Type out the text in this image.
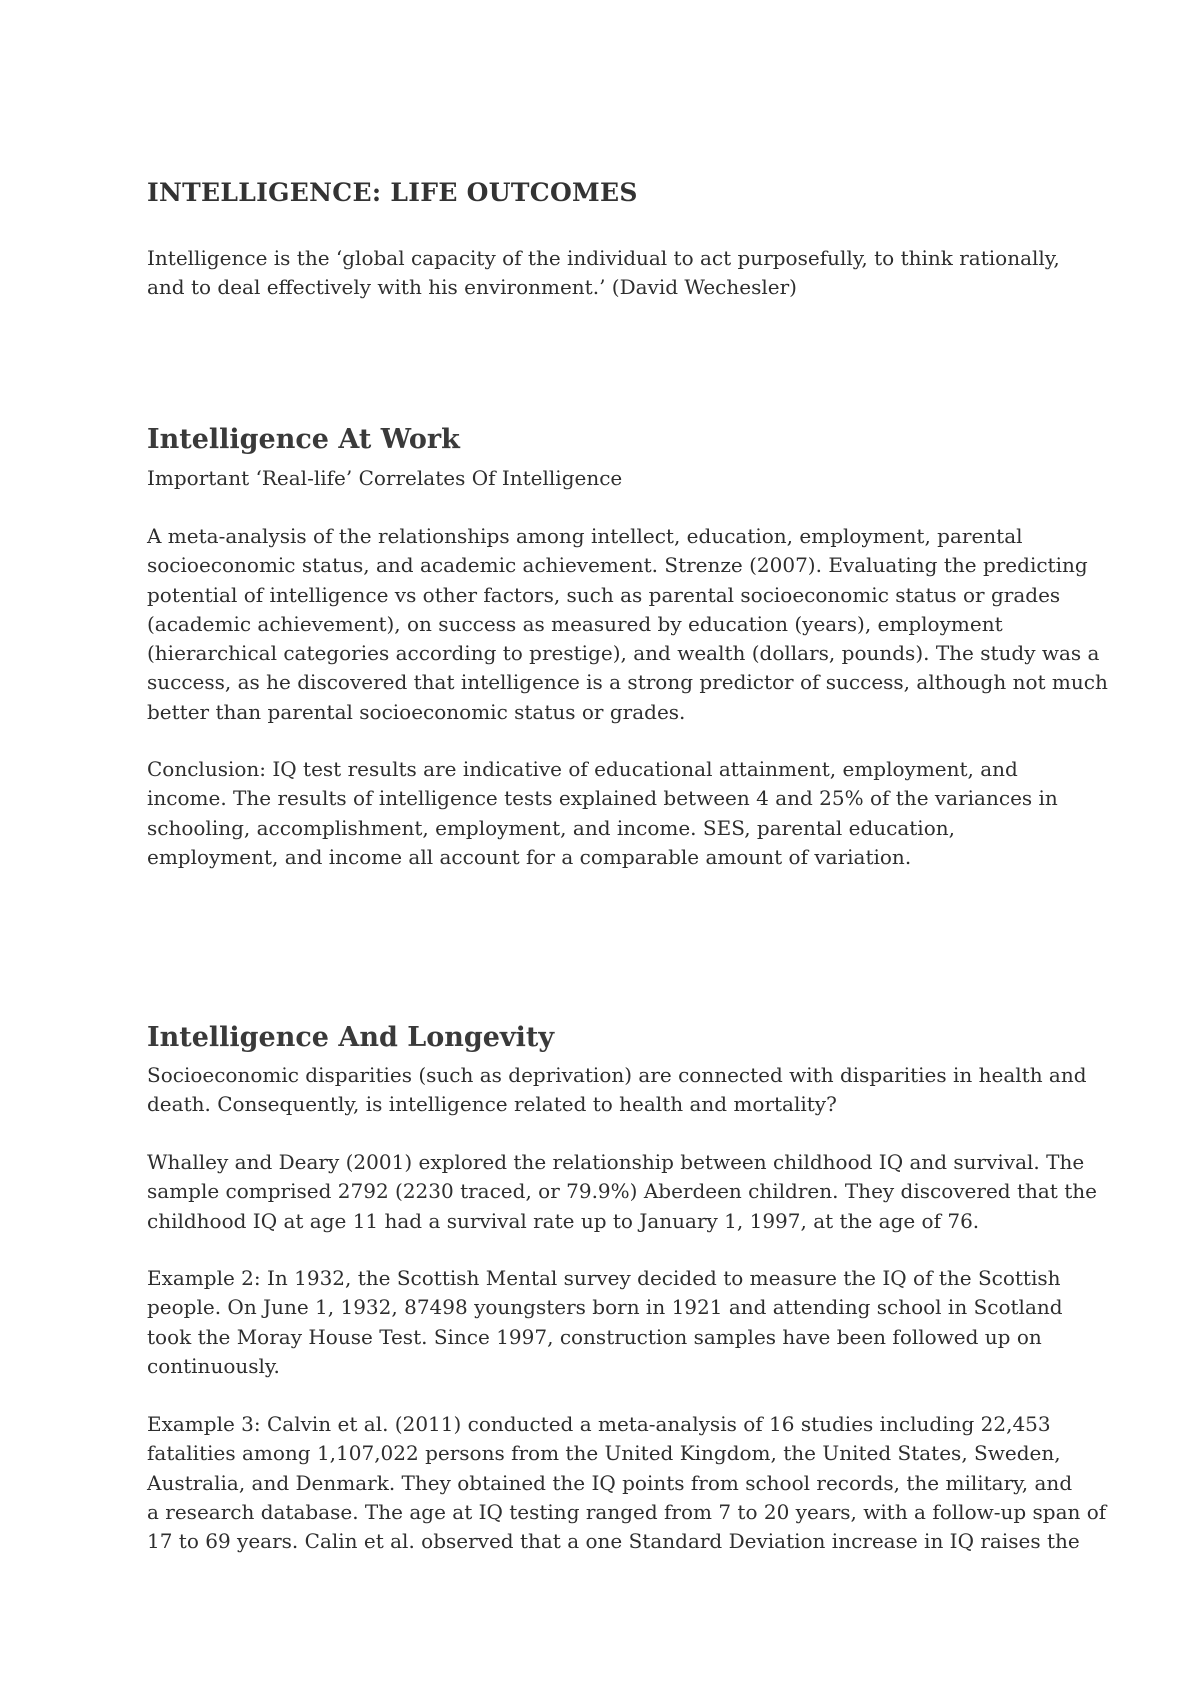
INTELLIGENCE: LIFE OUTCOMES

Intelligence is the ‘global capacity of the individual to act purposefully, to think rationally,
and to deal effectively with his environment.’ (David Wechesler)

Intelligence At Work

Important ‘Real-life’ Correlates Of Intelligence

A meta-analysis of the relationships among intellect, education, employment, parental
socioeconomic status, and academic achievement. Strenze (2007). Evaluating the predicting
potential of intelligence vs other factors, such as parental socioeconomic status or grades
(academic achievement), on success as measured by education (years), employment
(hierarchical categories according to prestige), and wealth (dollars, pounds). The study was a
success, as he discovered that intelligence is a strong predictor of success, although not much
better than parental socioeconomic status or grades.

Conclusion: IQ test results are indicative of educational attainment, employment, and
income. The results of intelligence tests explained between 4 and 25% of the variances in
schooling, accomplishment, employment, and income. SES, parental education,
employment, and income all account for a comparable amount of variation.

Intelligence And Longevity

Socioeconomic disparities (such as deprivation) are connected with disparities in health and
death. Consequently, is intelligence related to health and mortality?

Whalley and Deary (2001) explored the relationship between childhood IQ and survival. The
sample comprised 2792 (2230 traced, or 79.9%) Aberdeen children. They discovered that the
childhood IQ at age 11 had a survival rate up to January 1, 1997, at the age of 76.

Example 2: In 1932, the Scottish Mental survey decided to measure the IQ of the Scottish
people. On June 1, 1932, 87498 youngsters born in 1921 and attending school in Scotland
took the Moray House Test. Since 1997, construction samples have been followed up on
continuously.

Example 3: Calvin et al. (2011) conducted a meta-analysis of 16 studies including 22,453
fatalities among 1,107,022 persons from the United Kingdom, the United States, Sweden,
Australia, and Denmark. They obtained the IQ points from school records, the military, and
a research database. The age at IQ testing ranged from 7 to 20 years, with a follow-up span of
17 to 69 years. Calin et al. observed that a one Standard Deviation increase in IQ raises the
